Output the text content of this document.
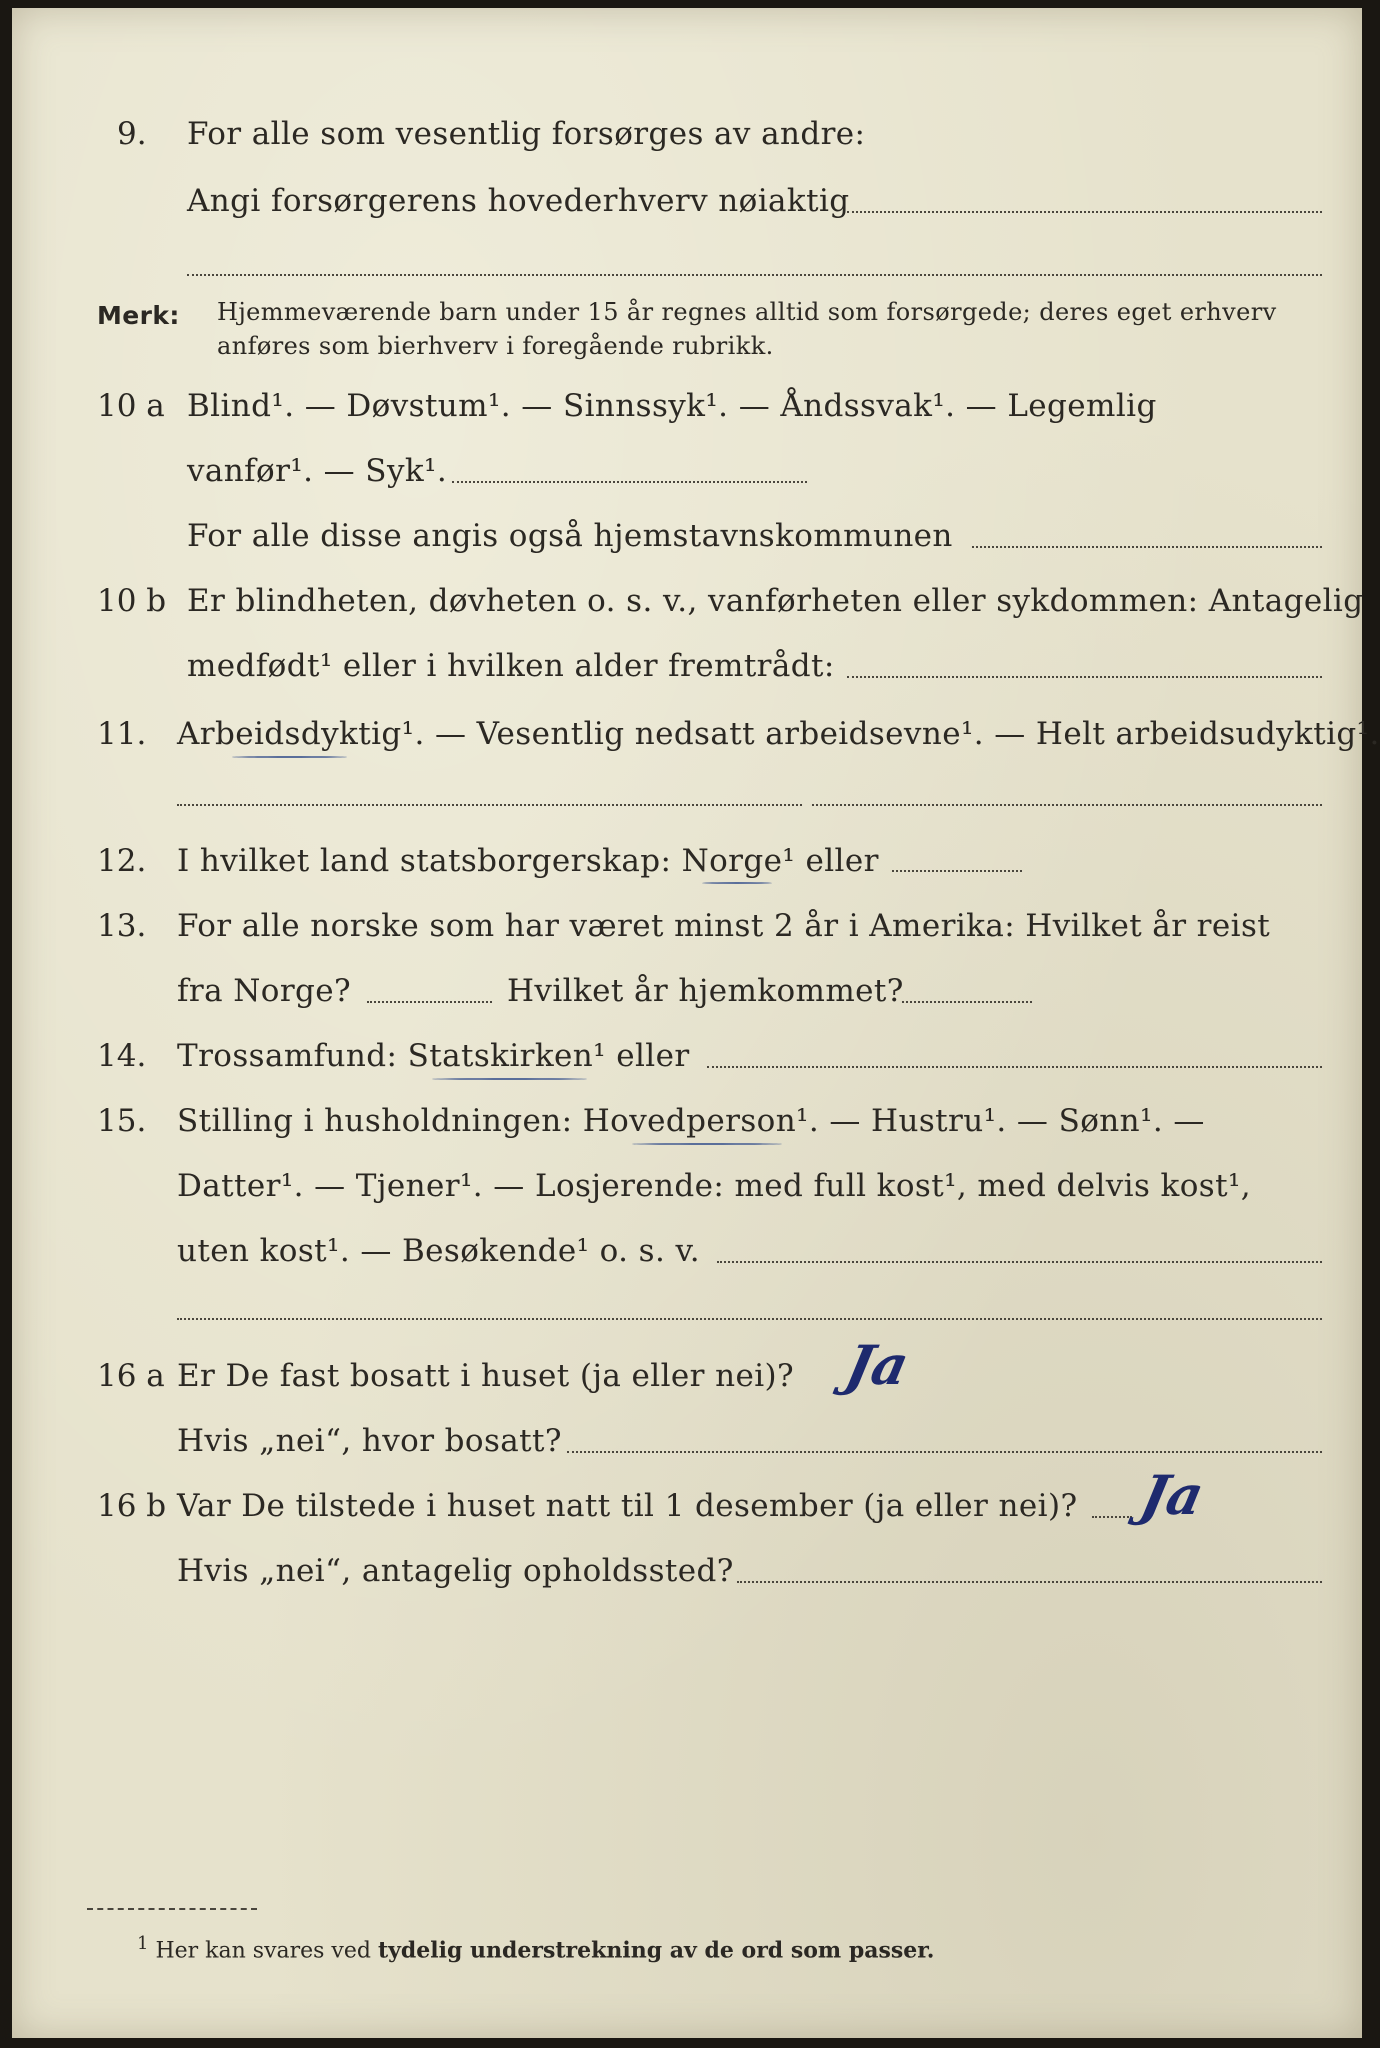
9. For alle som vesentlig forsørges av andre:
Angi forsørgerens hovederhverv nøiaktig
Merk: Hjemmeværende barn under 15 år regnes alltid som forsørgede; deres eget erhverv
anføres som bierhverv i foregående rubrikk.
10 a Blind¹. — Døvstum¹. — Sinnssyk¹. — Åndssvak¹. — Legemlig
vanfør¹. — Syk¹.
For alle disse angis også hjemstavnskommunen
10 b Er blindheten, døvheten o. s. v., vanførheten eller sykdommen: Antagelig
medfødt¹ eller i hvilken alder fremtrådt:
11. Arbeidsdyktig¹. — Vesentlig nedsatt arbeidsevne¹. — Helt arbeidsudyktig¹.
12. I hvilket land statsborgerskap: Norge¹ eller
13. For alle norske som har været minst 2 år i Amerika: Hvilket år reist
fra Norge?	Hvilket år hjemkommet?
14. Trossamfund: Statskirken¹ eller
15. Stilling i husholdningen: Hovedperson¹. — Hustru¹. — Sønn¹. —
Datter¹. — Tjener¹. — Losjerende: med full kost¹, med delvis kost¹,
uten kost¹. — Besøkende¹ o. s. v.
16 a Er De fast bosatt i huset (ja eller nei)? Ja
Hvis „nei“, hvor bosatt?
16 b Var De tilstede i huset natt til 1 desember (ja eller nei)? Ja
Hvis „nei“, antagelig opholdssted?
$^1$ Her kan svares ved tydelig understrekning av de ord som passer.
